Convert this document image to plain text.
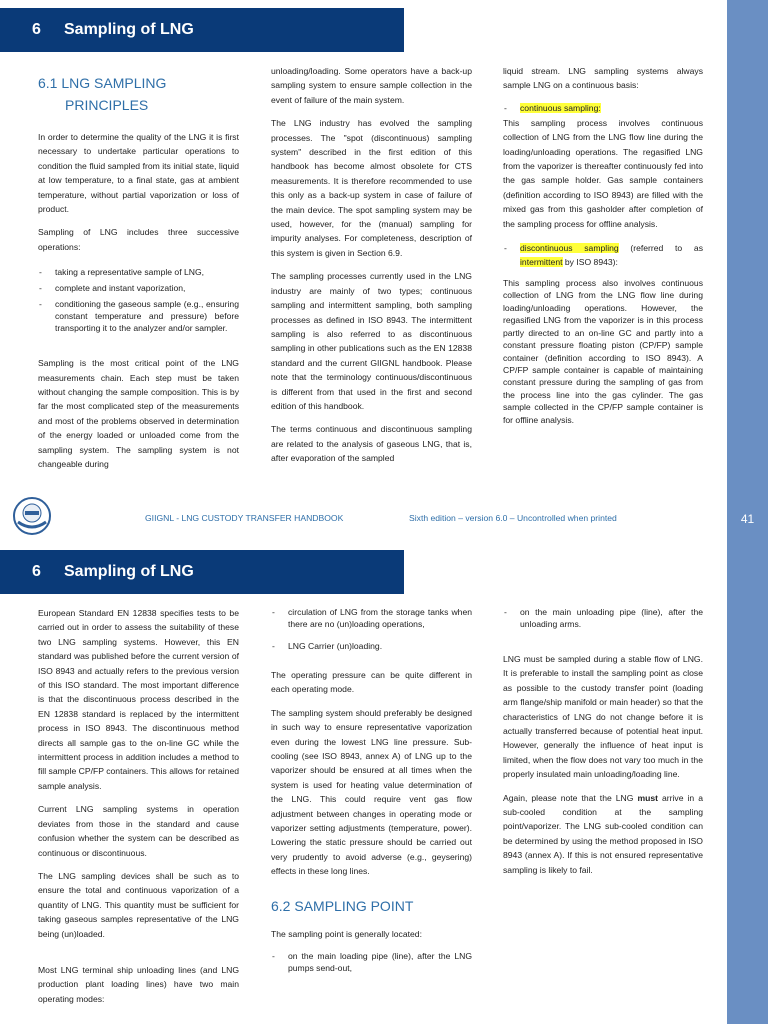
6 Sampling of LNG
6.1 LNG SAMPLING
PRINCIPLES

In order to determine the quality of the LNG it is first necessary to undertake particular operations to condition the fluid sampled from its initial state, liquid at low temperature, to a final state, gas at ambient temperature, without partial vaporization or loss of product.

Sampling of LNG includes three successive operations:

- taking a representative sample of LNG,
- complete and instant vaporization,
- conditioning the gaseous sample (e.g., ensuring constant temperature and pressure) before transporting it to the analyzer and/or sampler.

Sampling is the most critical point of the LNG measurements chain. Each step must be taken without changing the sample composition. This is by far the most complicated step of the measurements and most of the problems observed in determination of the energy loaded or unloaded come from the sampling system. The sampling system is not changeable during

unloading/loading. Some operators have a back-up sampling system to ensure sample collection in the event of failure of the main system.

The LNG industry has evolved the sampling processes. The "spot (discontinuous) sampling system" described in the first edition of this handbook has become almost obsolete for CTS measurements. It is therefore recommended to use this only as a back-up system in case of failure of the main device. The spot sampling system may be used, however, for the (manual) sampling for impurity analyses. For completeness, description of this system is given in Section 6.9.

The sampling processes currently used in the LNG industry are mainly of two types; continuous sampling and intermittent sampling, both sampling processes as defined in ISO 8943. The intermittent sampling is also referred to as discontinuous sampling in other publications such as the EN 12838 standard and the current GIIGNL handbook. Please note that the terminology continuous/discontinuous is different from that used in the first and second edition of this handbook.

The terms continuous and discontinuous sampling are related to the analysis of gaseous LNG, that is, after evaporation of the sampled

liquid stream. LNG sampling systems always sample LNG on a continuous basis:

- continuous sampling:

This sampling process involves continuous collection of LNG from the LNG flow line during the loading/unloading operations. The regasified LNG from the vaporizer is thereafter continuously fed into the gas sample holder. Gas sample containers (definition according to ISO 8943) are filled with the mixed gas from this gasholder after completion of the sampling process for offline analysis.

- discontinuous sampling (referred to as intermittent by ISO 8943):

This sampling process also involves continuous collection of LNG from the LNG flow line during loading/unloading operations. However, the regasified LNG from the vaporizer is in this process partly directed to an on-line GC and partly into a constant pressure floating piston (CP/FP) sample container (definition according to ISO 8943). A CP/FP sample container is capable of maintaining constant pressure during the sampling of gas from the process line into the gas cylinder. The gas sample collected in the CP/FP sample container is for offline analysis.

GIIGNL - LNG CUSTODY TRANSFER HANDBOOK	Sixth edition – version 6.0 – Uncontrolled when printed	41
6 Sampling of LNG

European Standard EN 12838 specifies tests to be carried out in order to assess the suitability of these two LNG sampling systems. However, this EN standard was published before the current version of ISO 8943 and actually refers to the previous version of this ISO standard. The most important difference is that the discontinuous process described in the EN 12838 standard is replaced by the intermittent process in ISO 8943. The discontinuous method directs all sample gas to the on-line GC while the intermittent process in addition includes a method to fill sample CP/FP containers. This allows for retained sample analysis.

Current LNG sampling systems in operation deviates from those in the standard and cause confusion whether the system can be described as continuous or discontinuous.

The LNG sampling devices shall be such as to ensure the total and continuous vaporization of a quantity of LNG. This quantity must be sufficient for taking gaseous samples representative of the LNG being (un)loaded.

Most LNG terminal ship unloading lines (and LNG production plant loading lines) have two main operating modes:

- circulation of LNG from the storage tanks when there are no (un)loading operations,
- LNG Carrier (un)loading.

The operating pressure can be quite different in each operating mode.

The sampling system should preferably be designed in such way to ensure representative vaporization even during the lowest LNG line pressure. Sub- cooling (see ISO 8943, annex A) of LNG up to the vaporizer should be ensured at all times when the system is used for heating value determination of the LNG. This could require vent gas flow adjustment between changes in operating mode or vaporizer setting adjustments (temperature, power). Lowering the static pressure should be carried out very prudently to avoid adverse (e.g., geysering) effects in these long lines.

6.2 SAMPLING POINT

The sampling point is generally located:

- on the main loading pipe (line), after the LNG pumps send-out,
- on the main unloading pipe (line), after the unloading arms.

LNG must be sampled during a stable flow of LNG. It is preferable to install the sampling point as close as possible to the custody transfer point (loading arm flange/ship manifold or main header) so that the characteristics of LNG do not change before it is actually transferred because of potential heat input. However, generally the influence of heat input is limited, when the flow does not vary too much in the properly insulated main unloading/loading line.

Again, please note that the LNG must arrive in a sub-cooled condition at the sampling point/vaporizer. The LNG sub-cooled condition can be determined by using the method proposed in ISO 8943 (annex A). If this is not ensured representative sampling is likely to fail.
